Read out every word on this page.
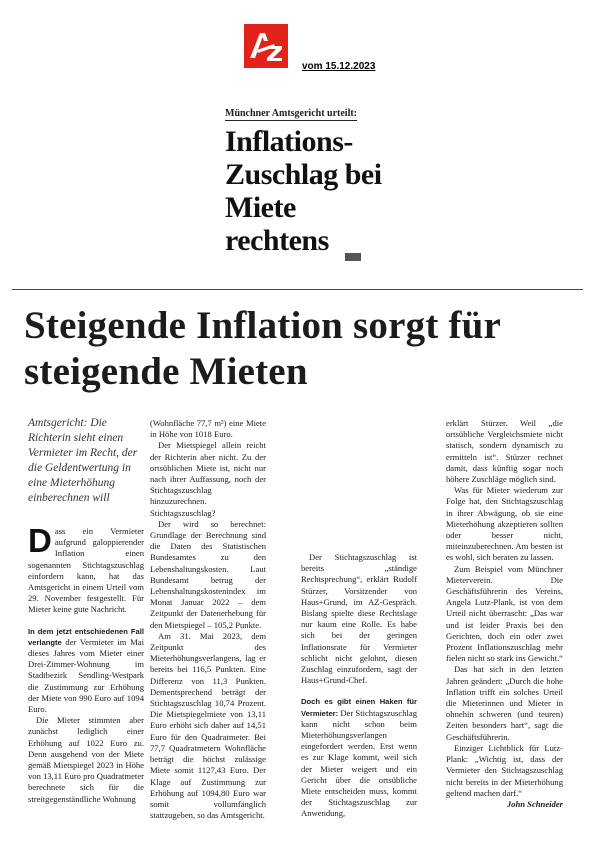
vom 15.12.2023
Münchner Amtsgericht urteilt:
Inflations-Zuschlag bei Miete rechtens
Steigende Inflation sorgt für steigende Mieten
Amtsgericht: Die Richterin sieht einen Vermieter im Recht, der die Geldentwertung in eine Mieterhöhung einberechnen will

Dass ein Vermieter aufgrund galoppierender Inflation einen sogenannten Stichtagszuschlag einfordern kann, hat das Amtsgericht in einem Urteil vom 29. November festgestellt. Für Mieter keine gute Nachricht.

In dem jetzt entschiedenen Fall verlangte der Vermieter im Mai dieses Jahres vom Mieter einer Drei-Zimmer-Wohnung im Stadtbezirk Sendling-Westpark die Zustimmung zur Erhöhung der Miete von 990 Euro auf 1094 Euro.

Die Mieter stimmten aber zunächst lediglich einer Erhöhung auf 1022 Euro zu. Denn ausgehend von der Miete gemäß Mietspiegel 2023 in Höhe von 13,11 Euro pro Quadratmeter berechnete sich für die streitgegenständliche Wohnung

(Wohnfläche 77,7 m²) eine Miete in Höhe von 1018 Euro.

Der Mietspiegel allein reicht der Richterin aber nicht. Zu der ortsüblichen Miete ist, nicht nur nach ihrer Auffassung, noch der Stichtagszuschlag hinzuzurechnen. Stichtagszuschlag?

Der wird so berechnet: Grundlage der Berechnung sind die Daten des Statistischen Bundesamtes zu den Lebenshaltungskosten. Laut Bundesamt betrug der Lebenshaltungskostenindex im Monat Januar 2022 – dem Zeitpunkt der Datenerhebung für den Mietspiegel – 105,2 Punkte.

Am 31. Mai 2023, dem Zeitpunkt des Mieterhöhungsverlangens, lag er bereits bei 116,5 Punkten. Eine Differenz von 11,3 Punkten. Dementsprechend beträgt der Stichtagszuschlag 10,74 Prozent. Die Mietspiegelmiete von 13,11 Euro erhöht sich daher auf 14,51 Euro für den Quadratmeter. Bei 77,7 Quadratmetern Wohnfläche beträgt die höchst zulässige Miete somit 1127,43 Euro. Der Klage auf Zustimmung zur Erhöhung auf 1094,80 Euro war somit vollumfänglich stattzugeben, so das Amtsgericht.

Der Stichtagszuschlag ist bereits „ständige Rechtsprechung“, erklärt Rudolf Stürzer, Vorsitzender von Haus+Grund, im AZ-Gespräch. Bislang spielte diese Rechtslage nur kaum eine Rolle. Es habe sich bei der geringen Inflationsrate für Vermieter schlicht nicht gelohnt, diesen Zuschlag einzufordern, sagt der Haus+Grund-Chef.

Doch es gibt einen Haken für Vermieter: Der Stichtagszuschlag kann nicht schon beim Mieterhöhungsverlangen eingefordert werden. Erst wenn es zur Klage kommt, weil sich der Mieter weigert und ein Gericht über die ortsübliche Miete entscheiden muss, kommt der Stichtagszuschlag zur Anwendung,

erklärt Stürzer. Weil „die ortsübliche Vergleichsmiete nicht statisch, sondern dynamisch zu ermitteln ist“. Stürzer rechnet damit, dass künftig sogar noch höhere Zuschläge möglich sind.

Was für Mieter wiederum zur Folge hat, den Stichtagszuschlag in ihrer Abwägung, ob sie eine Mieterhöhung akzeptieren sollten oder besser nicht, miteinzuberechnen. Am besten ist es wohl, sich beraten zu lassen.

Zum Beispiel vom Münchner Mieterverein. Die Geschäftsführerin des Vereins, Angela Lutz-Plank, ist von dem Urteil nicht überrascht: „Das war und ist leider Praxis bei den Gerichten, doch ein oder zwei Prozent Inflationszuschlag mehr fielen nicht so stark ins Gewicht.“

Das hat sich in den letzten Jahren geändert: „Durch die hohe Inflation trifft ein solches Urteil die Mieterinnen und Mieter in ohnehin schweren (und teuren) Zeiten besonders hart“, sagt die Geschäftsführerin.

Einziger Lichtblick für Lutz-Plank: „Wichtig ist, dass der Vermieter den Stichtagszuschlag nicht bereits in der Mieterhöhung geltend machen darf.“
John Schneider
